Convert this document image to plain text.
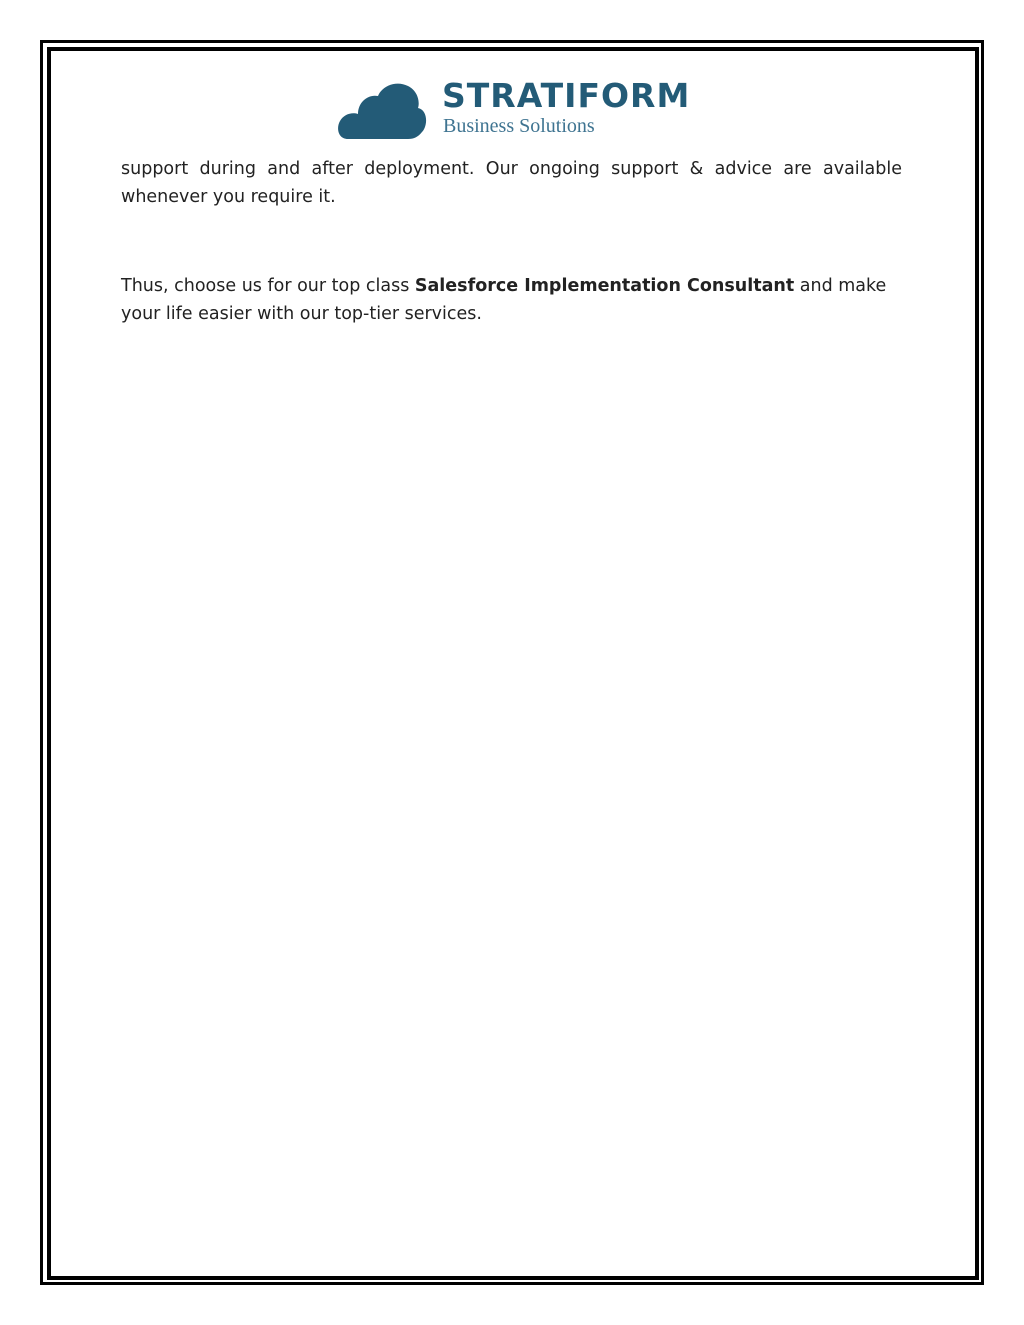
STRATIFORM
Business Solutions

support during and after deployment. Our ongoing support & advice are available whenever you require it.

Thus, choose us for our top class Salesforce Implementation Consultant and make your life easier with our top-tier services.
